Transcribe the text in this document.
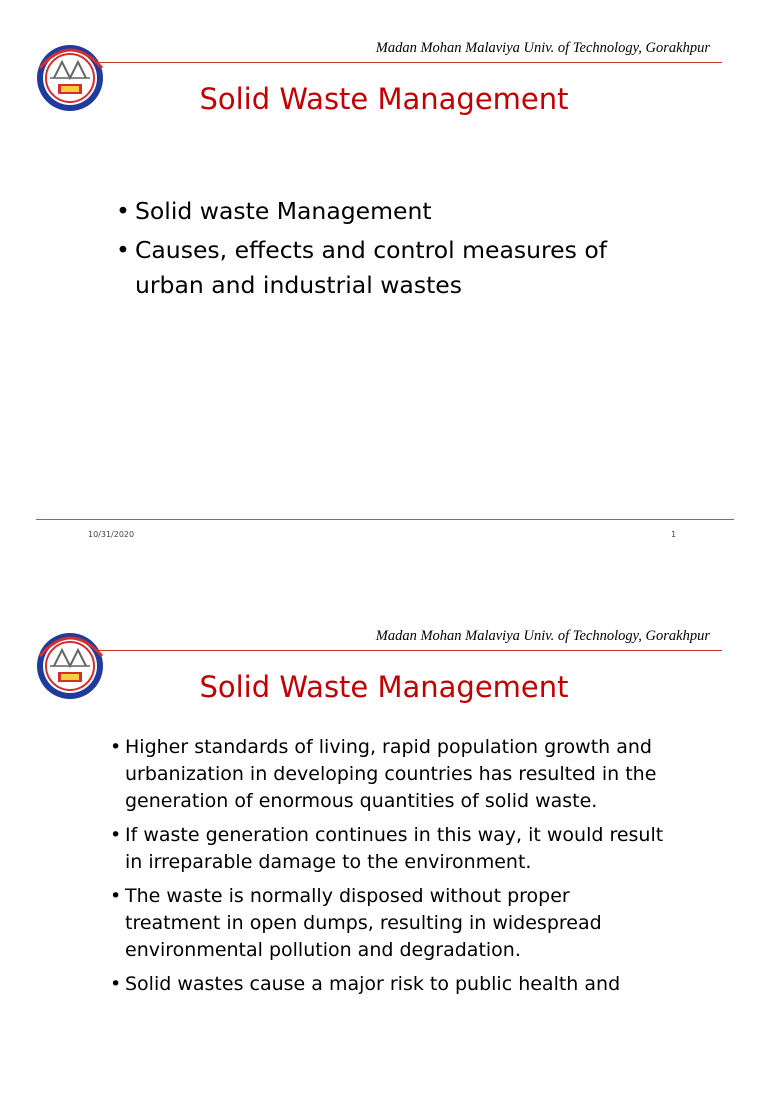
Madan Mohan Malaviya Univ. of Technology, Gorakhpur
Solid Waste Management
• Solid waste Management
• Causes, effects and control measures of urban and industrial wastes
10/31/2020	1
Madan Mohan Malaviya Univ. of Technology, Gorakhpur
Solid Waste Management
• Higher standards of living, rapid population growth and urbanization in developing countries has resulted in the generation of enormous quantities of solid waste.
• If waste generation continues in this way, it would result in irreparable damage to the environment.
• The waste is normally disposed without proper treatment in open dumps, resulting in widespread environmental pollution and degradation.
• Solid wastes cause a major risk to public health and
